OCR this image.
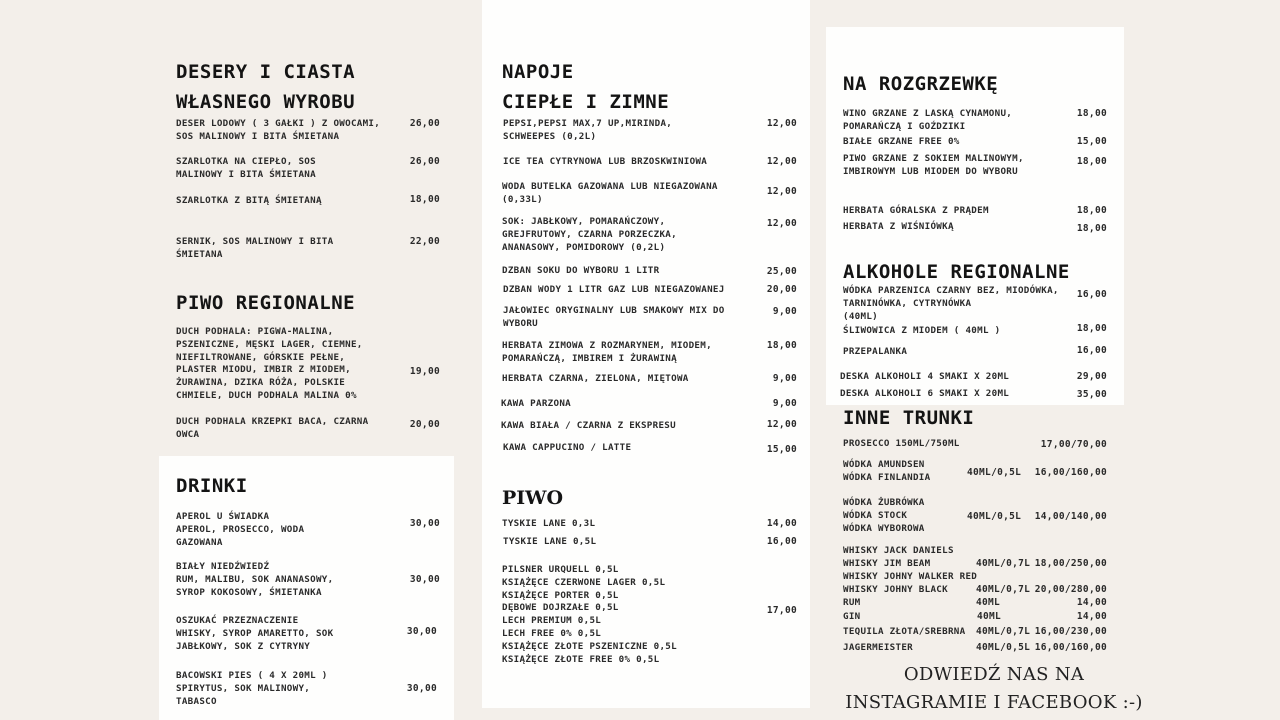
DESERY I CIASTA
WŁASNEGO WYROBU
DESER LODOWY ( 3 GAŁKI ) Z OWOCAMI,
SOS MALINOWY I BITA ŚMIETANA
26,00
SZARLOTKA NA CIEPŁO, SOS
MALINOWY I BITA ŚMIETANA
26,00
SZARLOTKA Z BITĄ ŚMIETANĄ	18,00
SERNIK, SOS MALINOWY I BITA
ŚMIETANA
22,00
PIWO REGIONALNE
DUCH PODHALA: PIGWA-MALINA,
PSZENICZNE, MĘSKI LAGER, CIEMNE,
NIEFILTROWANE, GÓRSKIE PEŁNE,
PLASTER MIODU, IMBIR Z MIODEM,
ŻURAWINA, DZIKA RÓŻA, POLSKIE
CHMIELE, DUCH PODHALA MALINA 0%
19,00
DUCH PODHALA KRZEPKI BACA, CZARNA
OWCA
20,00
DRINKI
APEROL U ŚWIADKA
APEROL, PROSECCO, WODA
GAZOWANA
30,00
BIAŁY NIEDŹWIEDŹ
RUM, MALIBU, SOK ANANASOWY,
SYROP KOKOSOWY, ŚMIETANKA
30,00
OSZUKAĆ PRZEZNACZENIE
WHISKY, SYROP AMARETTO, SOK
JABŁKOWY, SOK Z CYTRYNY
30,00
BACOWSKI PIES ( 4 X 20ML )
SPIRYTUS, SOK MALINOWY,
TABASCO
30,00
NAPOJE
CIEPŁE I ZIMNE
PEPSI,PEPSI MAX,7 UP,MIRINDA,
SCHWEEPES (0,2L)
12,00
ICE TEA CYTRYNOWA LUB BRZOSKWINIOWA	12,00
WODA BUTELKA GAZOWANA LUB NIEGAZOWANA
(0,33L)
12,00
SOK: JABŁKOWY, POMARAŃCZOWY,
GREJFRUTOWY, CZARNA PORZECZKA,
ANANASOWY, POMIDOROWY (0,2L)
12,00
DZBAN SOKU DO WYBORU 1 LITR	25,00
DZBAN WODY 1 LITR GAZ LUB NIEGAZOWANEJ	20,00
JAŁOWIEC ORYGINALNY LUB SMAKOWY MIX DO
WYBORU
9,00
HERBATA ZIMOWA Z ROZMARYNEM, MIODEM,
POMARAŃCZĄ, IMBIREM I ŻURAWINĄ
18,00
HERBATA CZARNA, ZIELONA, MIĘTOWA	9,00
KAWA PARZONA	9,00
KAWA BIAŁA / CZARNA Z EKSPRESU	12,00
KAWA CAPPUCINO / LATTE	15,00
PIWO
TYSKIE LANE 0,3L	14,00
TYSKIE LANE 0,5L	16,00
PILSNER URQUELL 0,5L
KSIĄŻĘCE CZERWONE LAGER 0,5L
KSIĄŻĘCE PORTER 0,5L
DĘBOWE DOJRZAŁE 0,5L
LECH PREMIUM 0,5L
LECH FREE 0% 0,5L
KSIĄŻĘCE ZŁOTE PSZENICZNE 0,5L
KSIĄŻĘCE ZŁOTE FREE 0% 0,5L
17,00
NA ROZGRZEWKĘ
WINO GRZANE Z LASKĄ CYNAMONU,
POMARAŃCZĄ I GOŹDZIKI
18,00
BIAŁE GRZANE FREE 0%	15,00
PIWO GRZANE Z SOKIEM MALINOWYM,
IMBIROWYM LUB MIODEM DO WYBORU
18,00
HERBATA GÓRALSKA Z PRĄDEM	18,00
HERBATA Z WIŚNIÓWKĄ	18,00
ALKOHOLE REGIONALNE
WÓDKA PARZENICA CZARNY BEZ, MIODÓWKA,
TARNINÓWKA, CYTRYNÓWKA
(40ML)
16,00
ŚLIWOWICA Z MIODEM ( 40ML )	18,00
PRZEPALANKA	16,00
DESKA ALKOHOLI 4 SMAKI X 20ML	29,00
DESKA ALKOHOLI 6 SMAKI X 20ML	35,00
INNE TRUNKI
PROSECCO 150ML/750ML	17,00/70,00
WÓDKA AMUNDSEN
WÓDKA FINLANDIA	40ML/0,5L 16,00/160,00
WÓDKA ŻUBRÓWKA
WÓDKA STOCK
WÓDKA WYBOROWA
40ML/0,5L 14,00/140,00
WHISKY JACK DANIELS
WHISKY JIM BEAM	40ML/0,7L 18,00/250,00
WHISKY JOHNY WALKER RED
WHISKY JOHNY BLACK	40ML/0,7L 20,00/280,00
RUM	40ML	14,00
GIN	40ML	14,00
TEQUILA ZŁOTA/SREBRNA 40ML/0,7L 16,00/230,00
JAGERMEISTER	40ML/0,5L 16,00/160,00
ODWIEDŹ NAS NA
INSTAGRAMIE I FACEBOOK :-)
